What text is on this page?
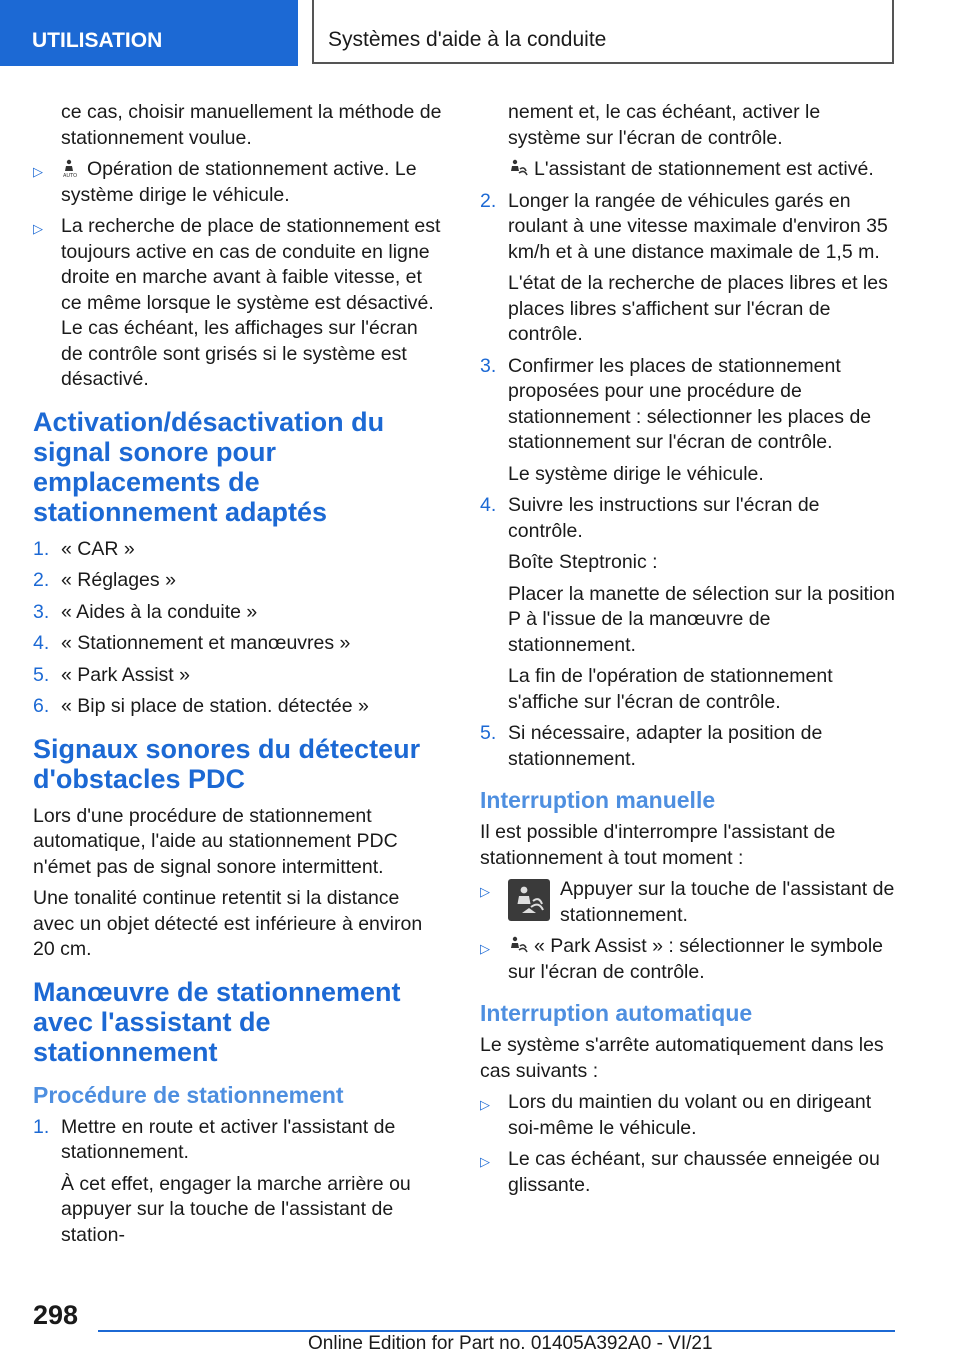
UTILISATION	Systèmes d'aide à la conduite

ce cas, choisir manuellement la méthode de stationnement voulue.

▷	AUTO Opération de stationnement active. Le système dirige le véhicule.

▷ La recherche de place de stationnement est toujours active en cas de conduite en ligne droite en marche avant à faible vitesse, et ce même lorsque le système est désactivé. Le cas échéant, les affichages sur l'écran de contrôle sont grisés si le système est désactivé.

Activation/désactivation du signal sonore pour emplacements de stationnement adaptés
1. « CAR »

2. « Réglages »

3. « Aides à la conduite »

4. « Stationnement et manœuvres »

5. « Park Assist »

6. « Bip si place de station. détectée »

Signaux sonores du détecteur d'obstacles PDC

Lors d'une procédure de stationnement automatique, l'aide au stationnement PDC n'émet pas de signal sonore intermittent.

Une tonalité continue retentit si la distance avec un objet détecté est inférieure à environ 20 cm.

Manœuvre de stationnement avec l'assistant de stationnement
Procédure de stationnement
1. Mettre en route et activer l'assistant de stationnement.

À cet effet, engager la marche arrière ou appuyer sur la touche de l'assistant de station-

nement et, le cas échéant, activer le système sur l'écran de contrôle.

L'assistant de stationnement est activé.

2. Longer la rangée de véhicules garés en roulant à une vitesse maximale d'environ 35 km/h et à une distance maximale de 1,5 m.

L'état de la recherche de places libres et les places libres s'affichent sur l'écran de contrôle.

3. Confirmer les places de stationnement proposées pour une procédure de stationnement : sélectionner les places de stationnement sur l'écran de contrôle.

Le système dirige le véhicule.

4. Suivre les instructions sur l'écran de contrôle.

Boîte Steptronic :

Placer la manette de sélection sur la position P à l'issue de la manœuvre de stationnement.

La fin de l'opération de stationnement s'affiche sur l'écran de contrôle.

5. Si nécessaire, adapter la position de stationnement.

Interruption manuelle

Il est possible d'interrompre l'assistant de stationnement à tout moment :

▷	Appuyer sur la touche de l'assistant de stationnement.

▷	« Park Assist » : sélectionner le symbole sur l'écran de contrôle.

Interruption automatique

Le système s'arrête automatiquement dans les cas suivants :

▷ Lors du maintien du volant ou en dirigeant soi-même le véhicule.

▷ Le cas échéant, sur chaussée enneigée ou glissante.

298
Online Edition for Part no. 01405A392A0 - VI/21
